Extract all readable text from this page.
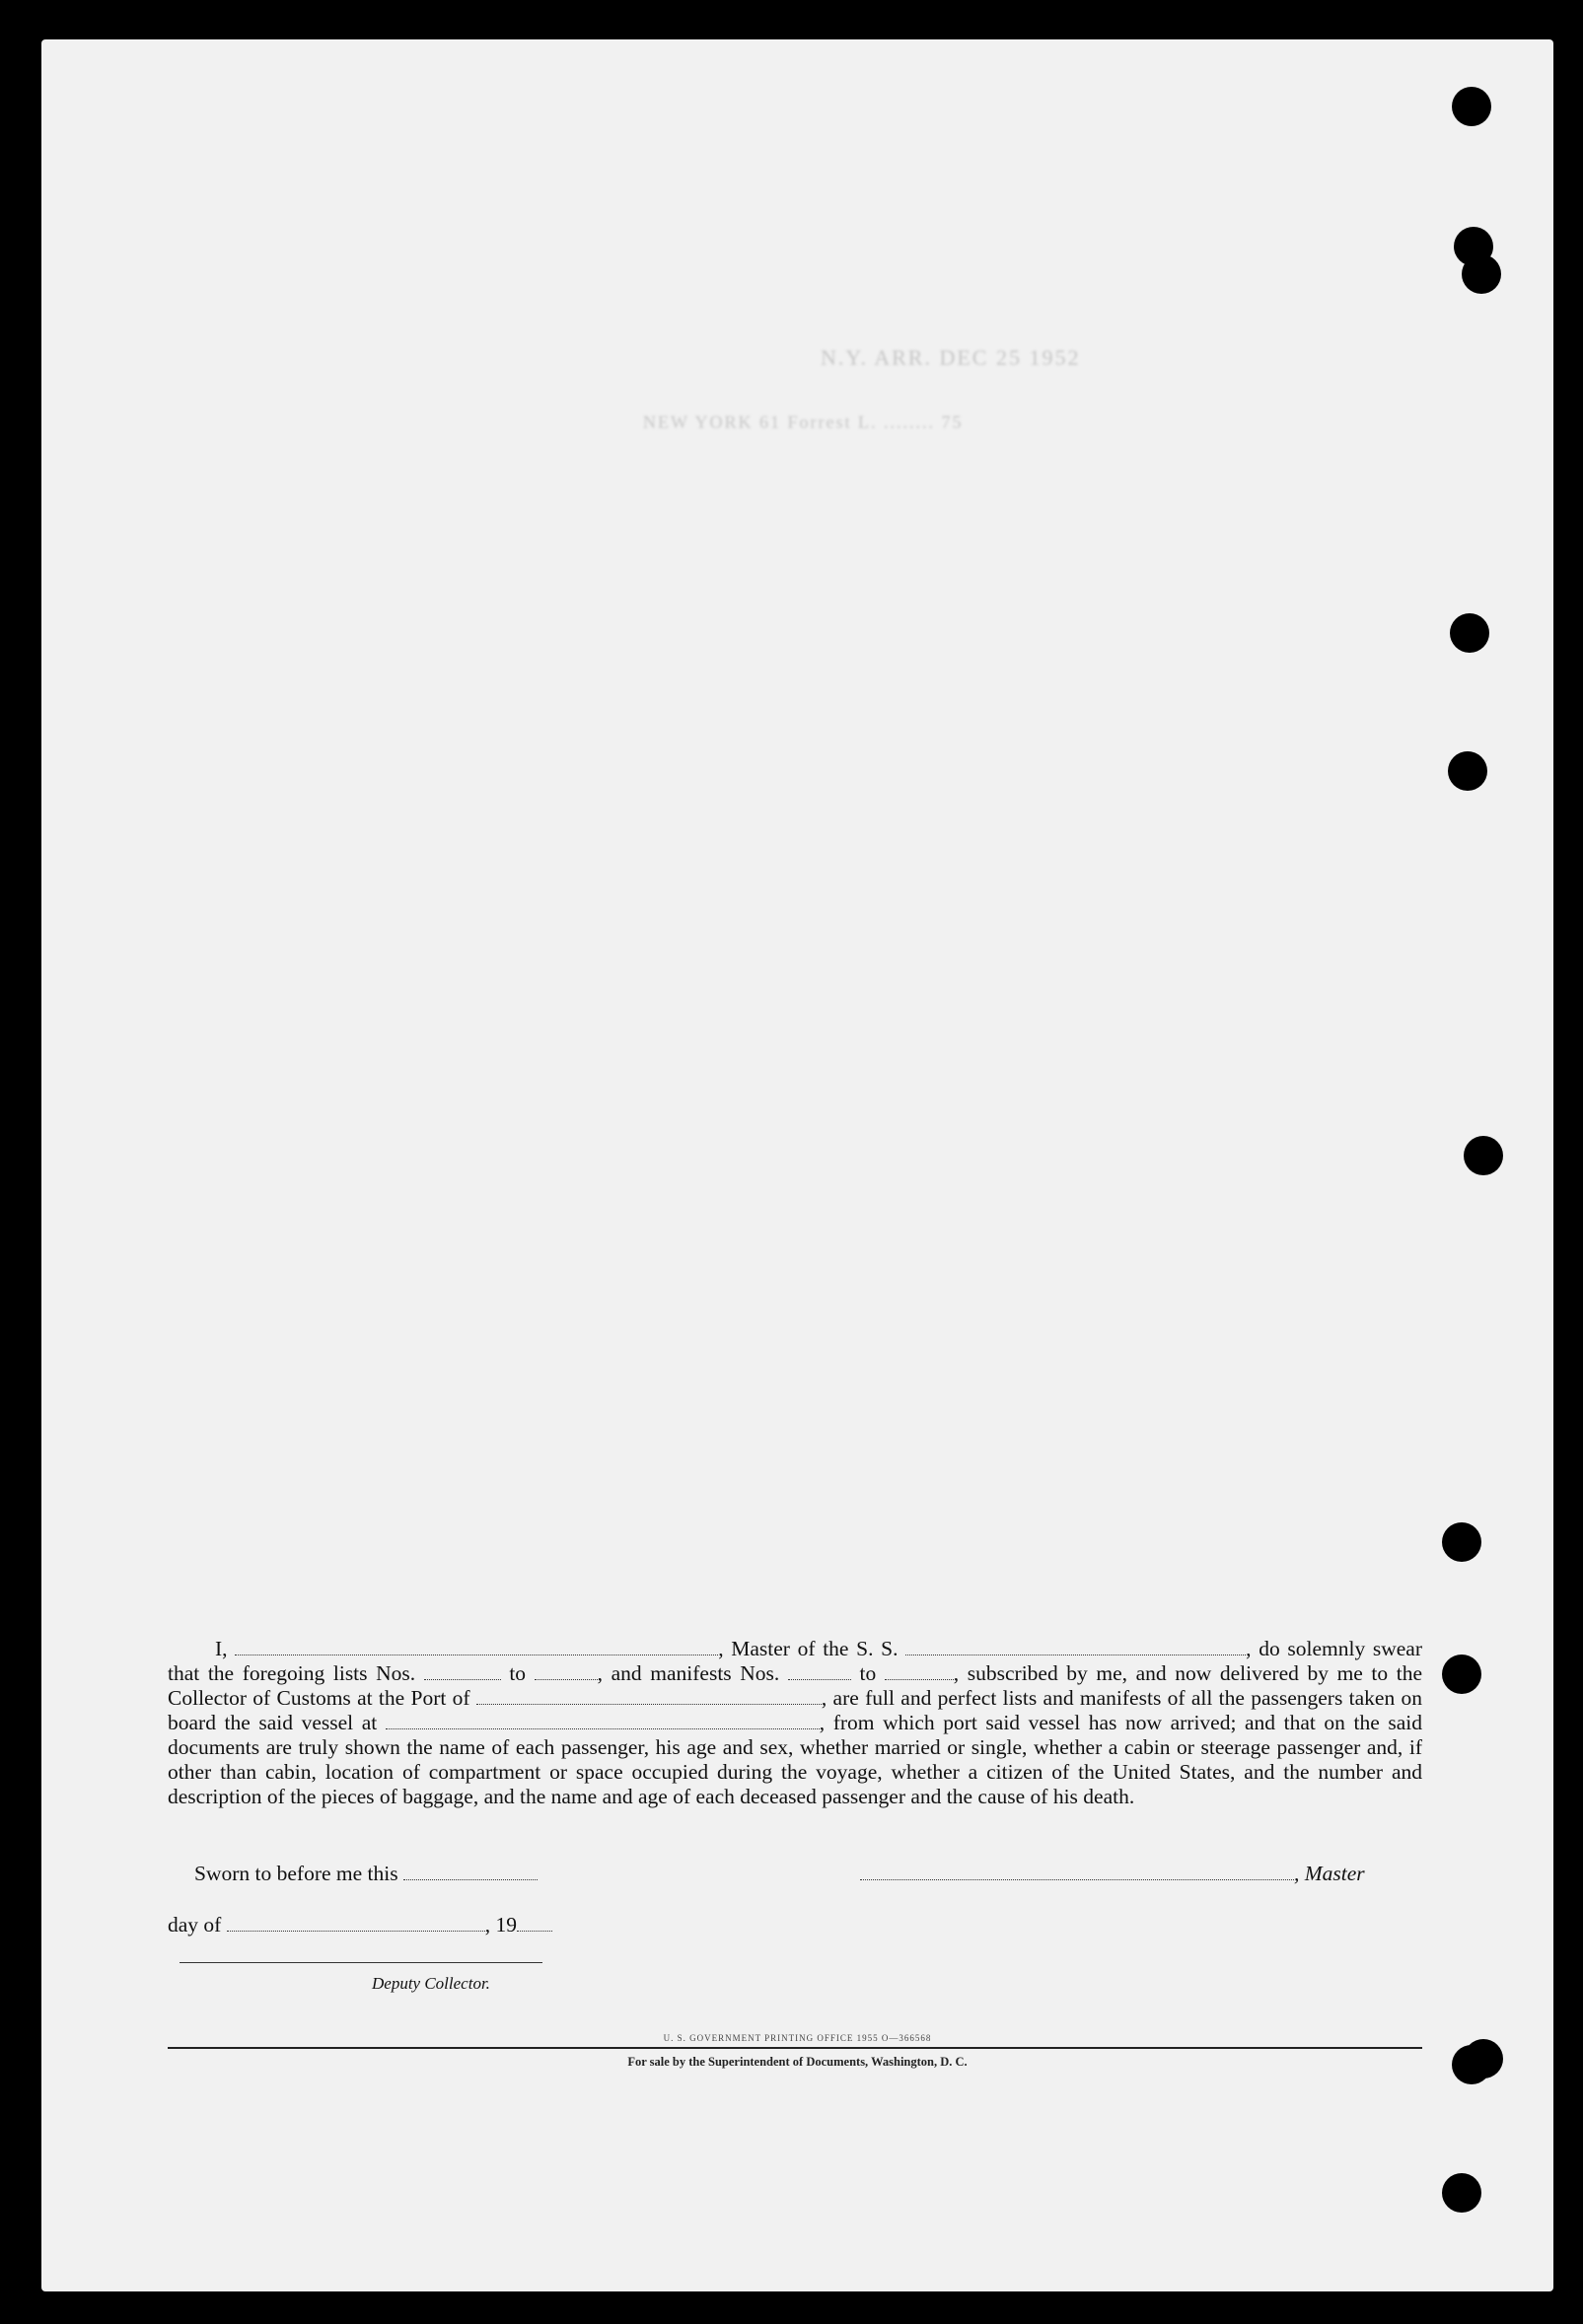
N.Y. ARR. DEC 25 1952
NEW YORK 61 Forrest L. ........ 75

I,	, Master of the S. S.	, do solemnly swear that the foregoing lists Nos.	to	, and manifests Nos.	to	, subscribed by me, and now delivered by me to the Collector of Customs at the Port of	, are full and perfect lists and manifests of all the passengers taken on board the said vessel at	, from which port said vessel has now arrived; and that on the said documents are truly shown the name of each passenger, his age and sex, whether married or single, whether a cabin or steerage passenger and, if other than cabin, location of compartment or space occupied during the voyage, whether a citizen of the United States, and the number and description of the pieces of baggage, and the name and age of each deceased passenger and the cause of his death.

Sworn to before me this	, Master
day of	, 19
Deputy Collector.
U. S. GOVERNMENT PRINTING OFFICE 1955 O—366568
For sale by the Superintendent of Documents, Washington, D. C.
